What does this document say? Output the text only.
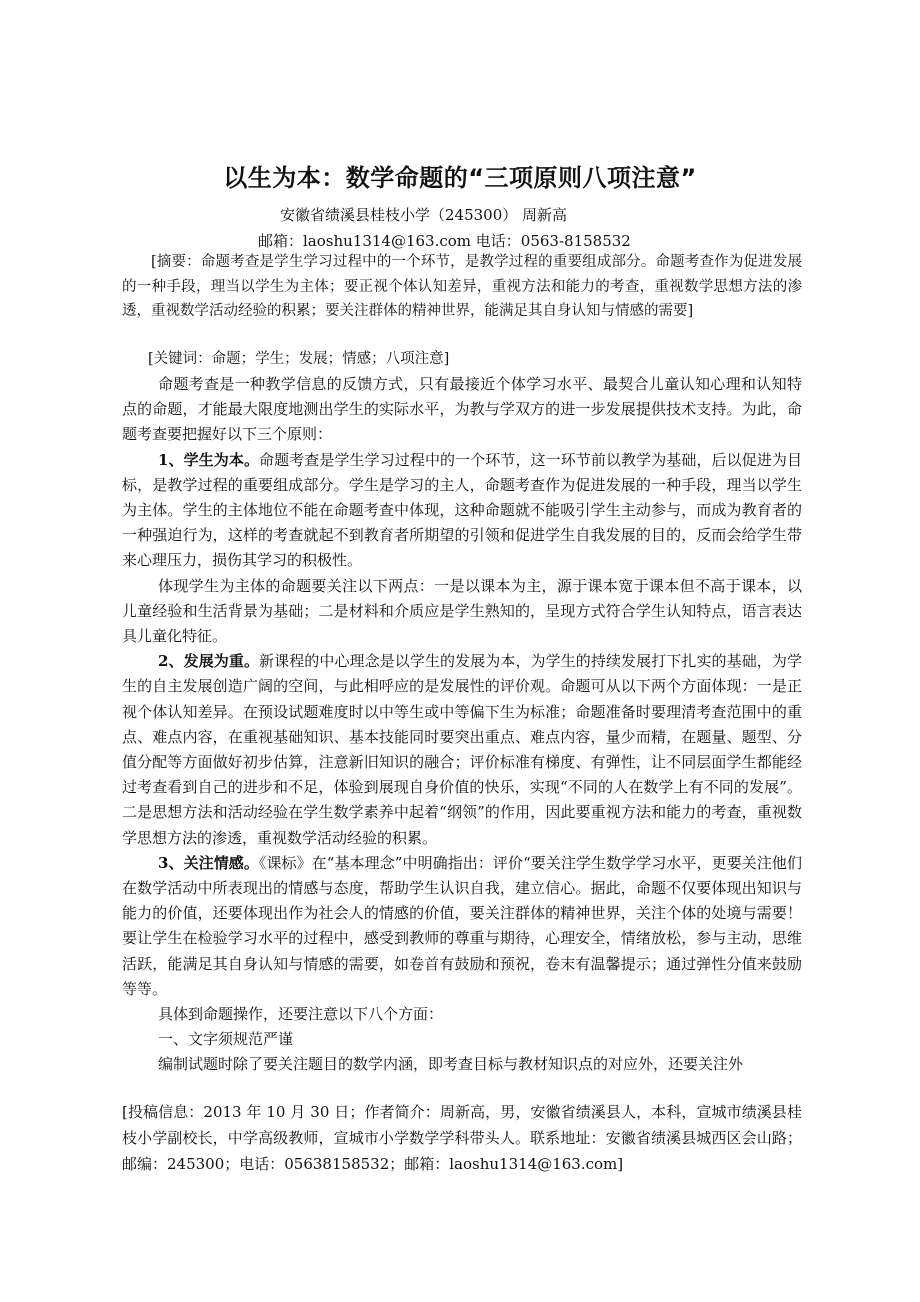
以生为本：数学命题的“三项原则八项注意”
安徽省绩溪县桂枝小学（245300） 周新高
邮箱：laoshu1314@163.com 电话：0563-8158532

[摘要：命题考查是学生学习过程中的一个环节，是教学过程的重要组成部分。命题考查作为促进发展的一种手段，理当以学生为主体；要正视个体认知差异，重视方法和能力的考查，重视数学思想方法的渗透，重视数学活动经验的积累；要关注群体的精神世界，能满足其自身认知与情感的需要]

[关键词：命题；学生；发展；情感；八项注意]

命题考查是一种教学信息的反馈方式，只有最接近个体学习水平、最契合儿童认知心理和认知特点的命题，才能最大限度地测出学生的实际水平，为教与学双方的进一步发展提供技术支持。为此，命题考查要把握好以下三个原则：

1、学生为本。命题考查是学生学习过程中的一个环节，这一环节前以教学为基础，后以促进为目标，是教学过程的重要组成部分。学生是学习的主人，命题考查作为促进发展的一种手段，理当以学生为主体。学生的主体地位不能在命题考查中体现，这种命题就不能吸引学生主动参与，而成为教育者的一种强迫行为，这样的考查就起不到教育者所期望的引领和促进学生自我发展的目的，反而会给学生带来心理压力，损伤其学习的积极性。

体现学生为主体的命题要关注以下两点：一是以课本为主，源于课本宽于课本但不高于课本，以儿童经验和生活背景为基础；二是材料和介质应是学生熟知的，呈现方式符合学生认知特点，语言表达具儿童化特征。

2、发展为重。新课程的中心理念是以学生的发展为本，为学生的持续发展打下扎实的基础，为学生的自主发展创造广阔的空间，与此相呼应的是发展性的评价观。命题可从以下两个方面体现：一是正视个体认知差异。在预设试题难度时以中等生或中等偏下生为标准；命题准备时要理清考查范围中的重点、难点内容，在重视基础知识、基本技能同时要突出重点、难点内容，量少而精，在题量、题型、分值分配等方面做好初步估算，注意新旧知识的融合；评价标准有梯度、有弹性，让不同层面学生都能经过考查看到自己的进步和不足，体验到展现自身价值的快乐，实现“不同的人在数学上有不同的发展”。二是思想方法和活动经验在学生数学素养中起着“纲领”的作用，因此要重视方法和能力的考查，重视数学思想方法的渗透，重视数学活动经验的积累。

3、关注情感。《课标》在“基本理念”中明确指出：评价“要关注学生数学学习水平，更要关注他们在数学活动中所表现出的情感与态度，帮助学生认识自我，建立信心。据此，命题不仅要体现出知识与能力的价值，还要体现出作为社会人的情感的价值，要关注群体的精神世界，关注个体的处境与需要！要让学生在检验学习水平的过程中，感受到教师的尊重与期待，心理安全，情绪放松，参与主动，思维活跃，能满足其自身认知与情感的需要，如卷首有鼓励和预祝，卷末有温馨提示；通过弹性分值来鼓励等等。

具体到命题操作，还要注意以下八个方面：

一、文字须规范严谨

编制试题时除了要关注题目的数学内涵，即考查目标与教材知识点的对应外，还要关注外

[投稿信息：2013 年 10 月 30 日；作者简介：周新高，男，安徽省绩溪县人，本科，宣城市绩溪县桂枝小学副校长，中学高级教师，宣城市小学数学学科带头人。联系地址：安徽省绩溪县城西区会山路；邮编：245300；电话：05638158532；邮箱：laoshu1314@163.com]
